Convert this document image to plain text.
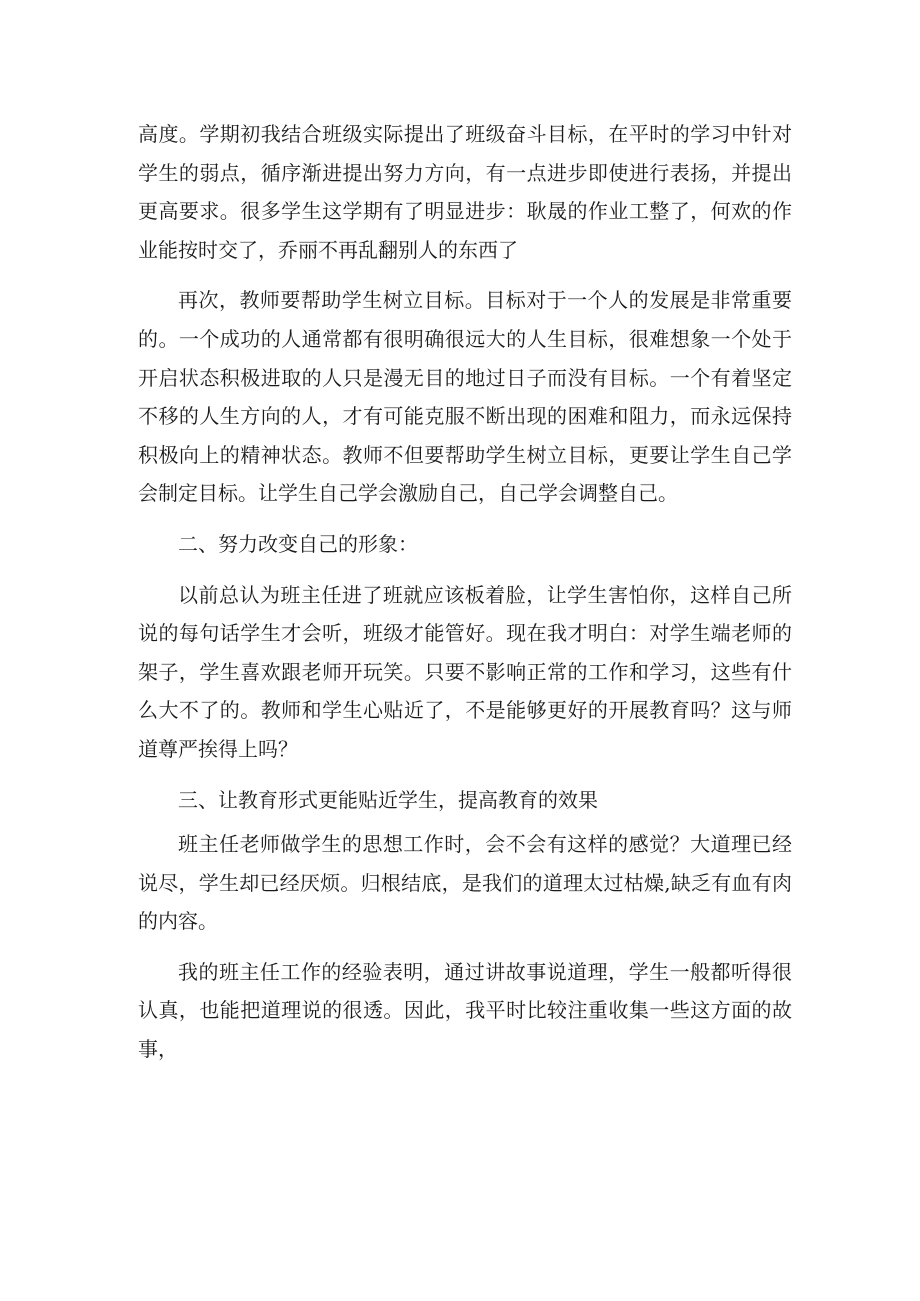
高度。学期初我结合班级实际提出了班级奋斗目标，在平时的学习中针对学生的弱点，循序渐进提出努力方向，有一点进步即使进行表扬，并提出更高要求。很多学生这学期有了明显进步：耿晟的作业工整了，何欢的作业能按时交了，乔丽不再乱翻别人的东西了

再次，教师要帮助学生树立目标。目标对于一个人的发展是非常重要的。一个成功的人通常都有很明确很远大的人生目标，很难想象一个处于开启状态积极进取的人只是漫无目的地过日子而没有目标。一个有着坚定不移的人生方向的人，才有可能克服不断出现的困难和阻力，而永远保持积极向上的精神状态。教师不但要帮助学生树立目标，更要让学生自己学会制定目标。让学生自己学会激励自己，自己学会调整自己。

二、努力改变自己的形象：

以前总认为班主任进了班就应该板着脸，让学生害怕你，这样自己所说的每句话学生才会听，班级才能管好。现在我才明白：对学生端老师的架子，学生喜欢跟老师开玩笑。只要不影响正常的工作和学习，这些有什么大不了的。教师和学生心贴近了，不是能够更好的开展教育吗？这与师道尊严挨得上吗？

三、让教育形式更能贴近学生，提高教育的效果

班主任老师做学生的思想工作时，会不会有这样的感觉？大道理已经说尽，学生却已经厌烦。归根结底，是我们的道理太过枯燥,缺乏有血有肉的内容。

我的班主任工作的经验表明，通过讲故事说道理，学生一般都听得很认真，也能把道理说的很透。因此，我平时比较注重收集一些这方面的故事，
